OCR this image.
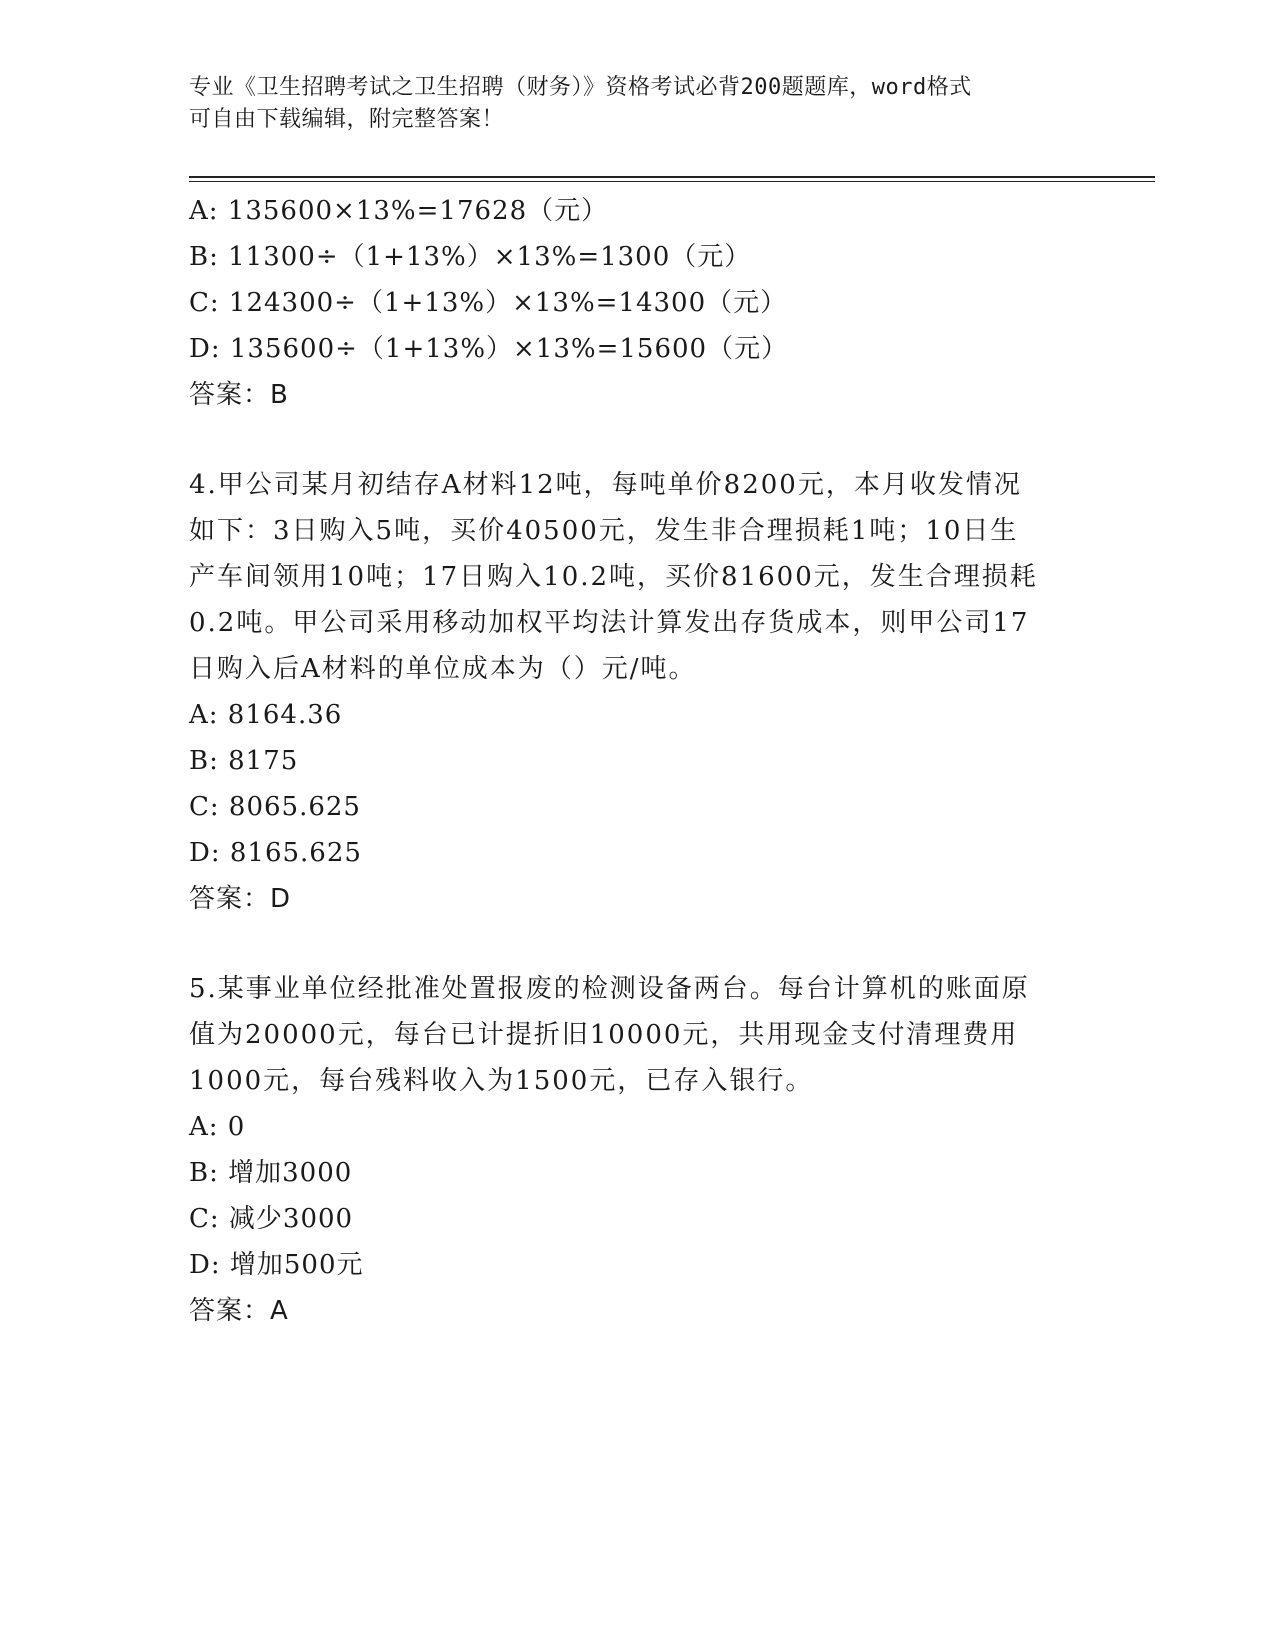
专业《卫生招聘考试之卫生招聘（财务）》资格考试必背200题题库，word格式
可自由下载编辑，附完整答案！
A: 135600×13%=17628（元）
B: 11300÷（1+13%）×13%=1300（元）
C: 124300÷（1+13%）×13%=14300（元）
D: 135600÷（1+13%）×13%=15600（元）
答案：B
4.甲公司某月初结存A材料12吨，每吨单价8200元，本月收发情况
如下：3日购入5吨，买价40500元，发生非合理损耗1吨；10日生
产车间领用10吨；17日购入10.2吨，买价81600元，发生合理损耗
0.2吨。甲公司采用移动加权平均法计算发出存货成本，则甲公司17
日购入后A材料的单位成本为（）元/吨。
A: 8164.36
B: 8175
C: 8065.625
D: 8165.625
答案：D
5.某事业单位经批准处置报废的检测设备两台。每台计算机的账面原
值为20000元，每台已计提折旧10000元，共用现金支付清理费用
1000元，每台残料收入为1500元，已存入银行。
A: 0
B: 增加3000
C: 减少3000
D: 增加500元
答案：A
